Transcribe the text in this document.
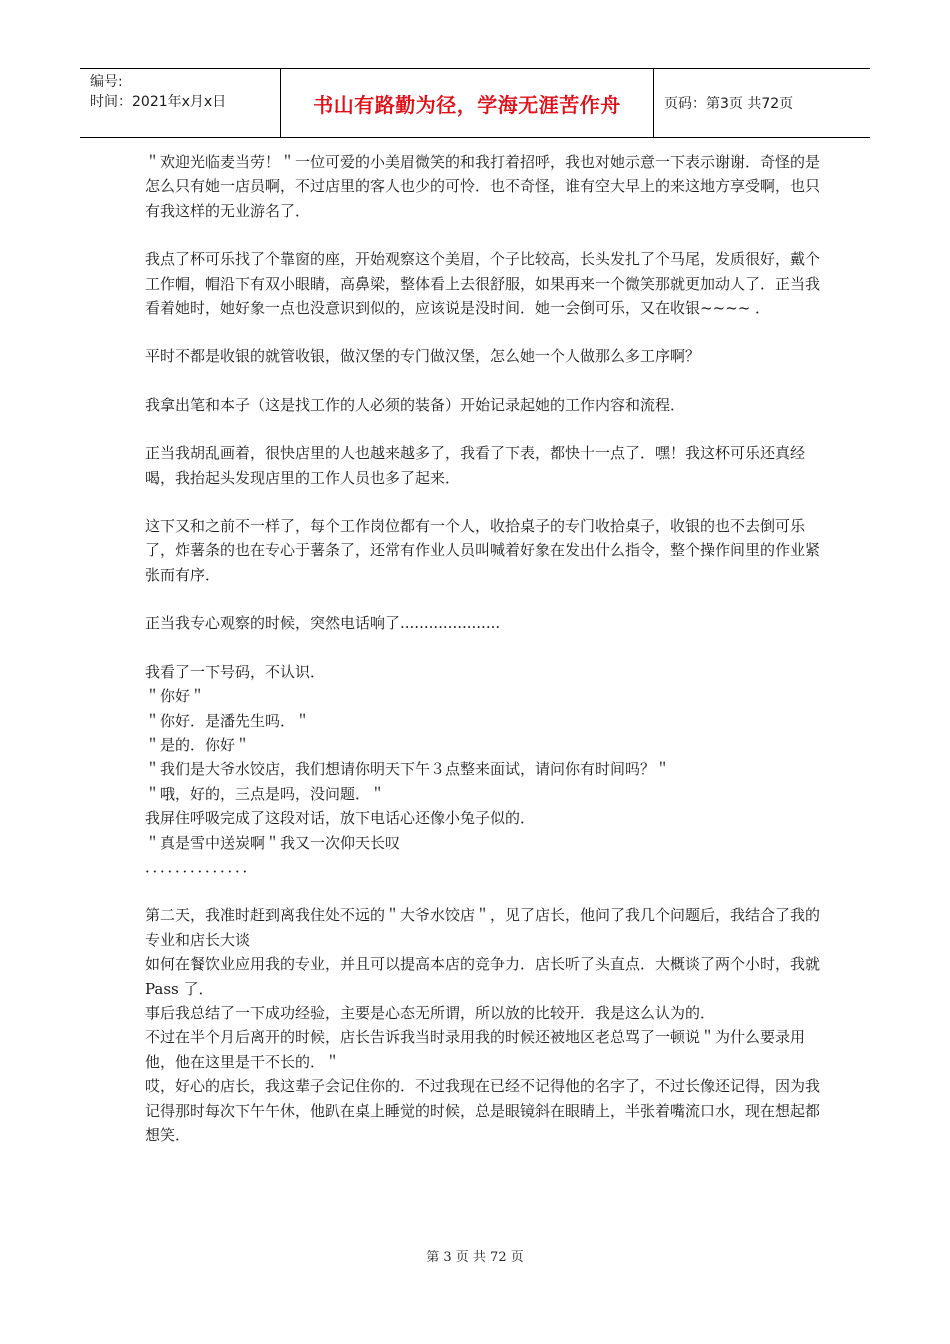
编号:
时间：2021年x月x日	书山有路勤为径，学海无涯苦作舟	页码：第3页 共72页

＂欢迎光临麦当劳！＂一位可爱的小美眉微笑的和我打着招呼，我也对她示意一下表示谢谢．奇怪的是怎么只有她一店员啊，不过店里的客人也少的可怜．也不奇怪，谁有空大早上的来这地方享受啊，也只有我这样的无业游名了．

我点了杯可乐找了个靠窗的座，开始观察这个美眉，个子比较高，长头发扎了个马尾，发质很好，戴个工作帽，帽沿下有双小眼睛，高鼻梁，整体看上去很舒服，如果再来一个微笑那就更加动人了．正当我看着她时，她好象一点也没意识到似的，应该说是没时间．她一会倒可乐，又在收银~~~~ ．

平时不都是收银的就管收银，做汉堡的专门做汉堡，怎么她一个人做那么多工序啊？

我拿出笔和本子（这是找工作的人必须的装备）开始记录起她的工作内容和流程．

正当我胡乱画着，很快店里的人也越来越多了，我看了下表，都快十一点了．嘿！我这杯可乐还真经喝，我抬起头发现店里的工作人员也多了起来．

这下又和之前不一样了，每个工作岗位都有一个人，收拾桌子的专门收拾桌子，收银的也不去倒可乐了，炸薯条的也在专心于薯条了，还常有作业人员叫喊着好象在发出什么指令，整个操作间里的作业紧张而有序．

正当我专心观察的时候，突然电话响了.....................

我看了一下号码，不认识．

＂你好＂

＂你好．是潘先生吗．＂

＂是的．你好＂

＂我们是大爷水饺店，我们想请你明天下午３点整来面试，请问你有时间吗？＂

＂哦，好的，三点是吗，没问题．＂

我屏住呼吸完成了这段对话，放下电话心还像小兔子似的．

＂真是雪中送炭啊＂我又一次仰天长叹

．．．．．．．．．．．．．．

第二天，我准时赶到离我住处不远的＂大爷水饺店＂，见了店长，他问了我几个问题后，我结合了我的专业和店长大谈

如何在餐饮业应用我的专业，并且可以提高本店的竞争力．店长听了头直点．大概谈了两个小时，我就Pass 了．

事后我总结了一下成功经验，主要是心态无所谓，所以放的比较开．我是这么认为的．

不过在半个月后离开的时候，店长告诉我当时录用我的时候还被地区老总骂了一顿说＂为什么要录用他，他在这里是干不长的．＂

哎，好心的店长，我这辈子会记住你的．不过我现在已经不记得他的名字了，不过长像还记得，因为我记得那时每次下午午休，他趴在桌上睡觉的时候，总是眼镜斜在眼睛上，半张着嘴流口水，现在想起都想笑．

第 3 页 共 72 页
